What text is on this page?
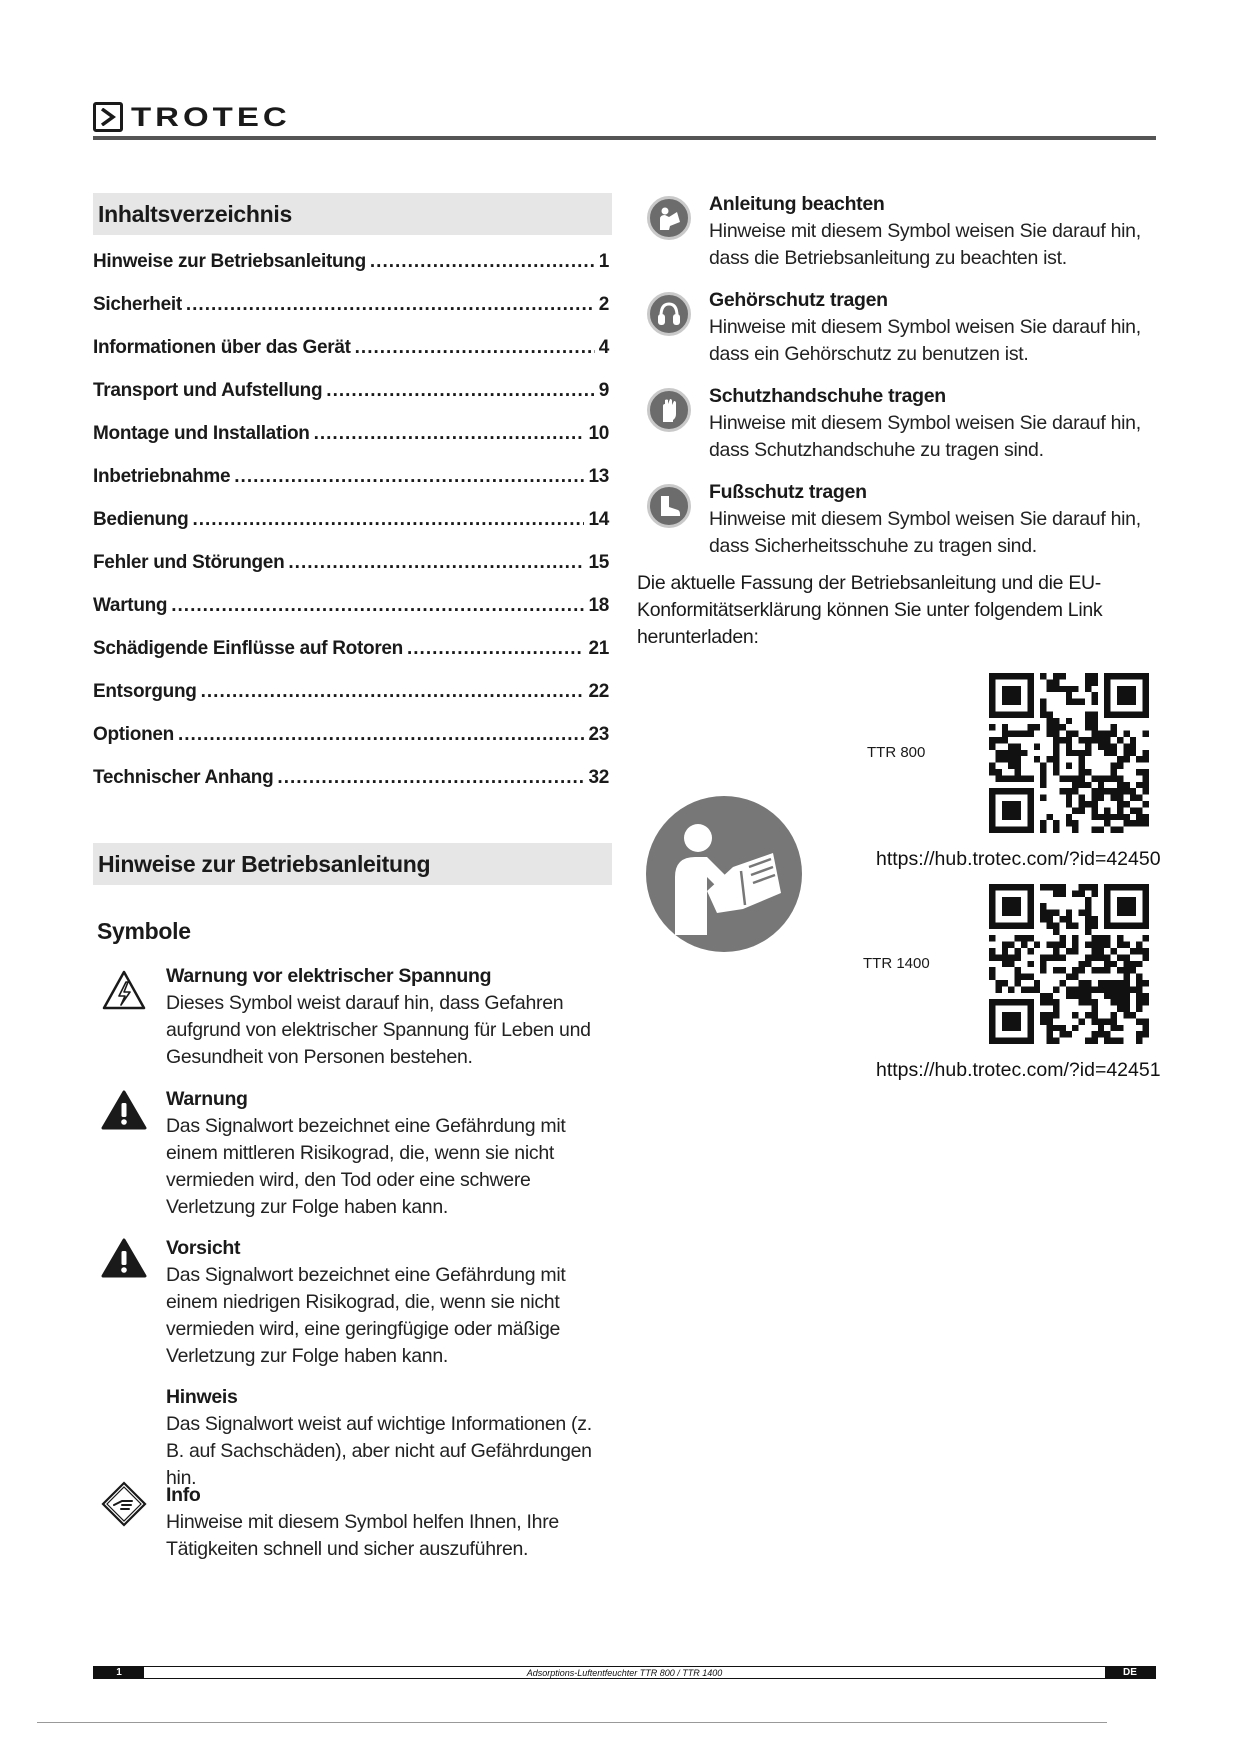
TROTEC
Inhaltsverzeichnis
Hinweise zur Betriebsanleitung .....	1
Sicherheit .....	2
Informationen über das Gerät .....	4
Transport und Aufstellung .....	9
Montage und Installation .....	10
Inbetriebnahme .....	13
Bedienung .....	14
Fehler und Störungen .....	15
Wartung .....	18
Schädigende Einflüsse auf Rotoren .....	21
Entsorgung .....	22
Optionen .....	23
Technischer Anhang .....	32
Hinweise zur Betriebsanleitung
Symbole
Warnung vor elektrischer Spannung
Dieses Symbol weist darauf hin, dass Gefahren aufgrund von elektrischer Spannung für Leben und Gesundheit von Personen bestehen.
Warnung
Das Signalwort bezeichnet eine Gefährdung mit einem mittleren Risikograd, die, wenn sie nicht vermieden wird, den Tod oder eine schwere Verletzung zur Folge haben kann.
Vorsicht
Das Signalwort bezeichnet eine Gefährdung mit einem niedrigen Risikograd, die, wenn sie nicht vermieden wird, eine geringfügige oder mäßige Verletzung zur Folge haben kann.
Hinweis
Das Signalwort weist auf wichtige Informationen (z. B. auf Sachschäden), aber nicht auf Gefährdungen hin.
Info
Hinweise mit diesem Symbol helfen Ihnen, Ihre Tätigkeiten schnell und sicher auszuführen.
Anleitung beachten
Hinweise mit diesem Symbol weisen Sie darauf hin, dass die Betriebsanleitung zu beachten ist.
Gehörschutz tragen
Hinweise mit diesem Symbol weisen Sie darauf hin, dass ein Gehörschutz zu benutzen ist.
Schutzhandschuhe tragen
Hinweise mit diesem Symbol weisen Sie darauf hin, dass Schutzhandschuhe zu tragen sind.
Fußschutz tragen
Hinweise mit diesem Symbol weisen Sie darauf hin, dass Sicherheitsschuhe zu tragen sind.
Die aktuelle Fassung der Betriebsanleitung und die EU-Konformitätserklärung können Sie unter folgendem Link herunterladen:
TTR 800
https://hub.trotec.com/?id=42450
TTR 1400
https://hub.trotec.com/?id=42451
1	Adsorptions-Luftentfeuchter TTR 800 / TTR 1400	DE
